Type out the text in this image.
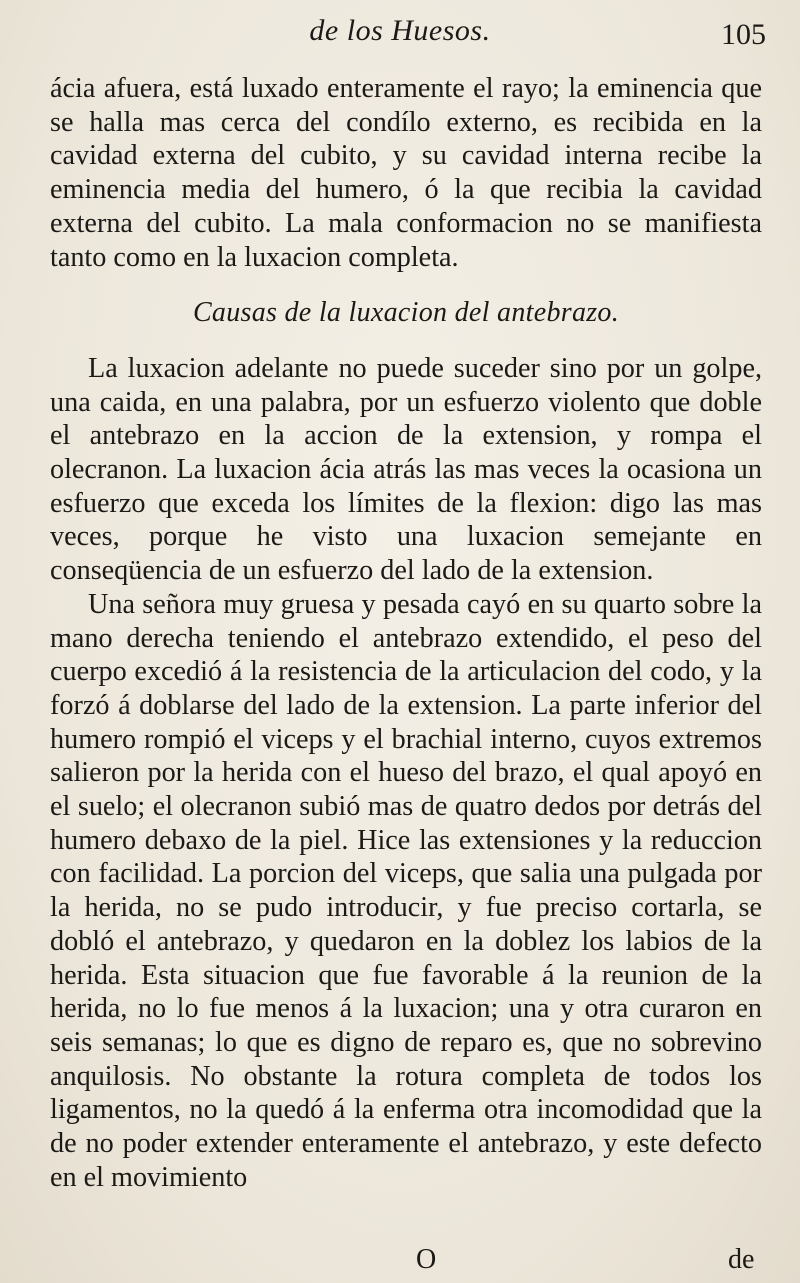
de los Huesos.	105

ácia afuera, está luxado enteramente el rayo; la eminencia que se halla mas cerca del condílo externo, es recibida en la cavidad externa del cubito, y su cavidad interna recibe la eminencia media del humero, ó la que recibia la cavidad externa del cubito. La mala conformacion no se manifiesta tanto como en la luxacion completa.

Causas de la luxacion del antebrazo.

La luxacion adelante no puede suceder sino por un golpe, una caida, en una palabra, por un esfuerzo violento que doble el antebrazo en la accion de la extension, y rompa el olecranon. La luxacion ácia atrás las mas veces la ocasiona un esfuerzo que exceda los límites de la flexion: digo las mas veces, porque he visto una luxacion semejante en conseqüencia de un esfuerzo del lado de la extension.

Una señora muy gruesa y pesada cayó en su quarto sobre la mano derecha teniendo el antebrazo extendido, el peso del cuerpo excedió á la resistencia de la articulacion del codo, y la forzó á doblarse del lado de la extension. La parte inferior del humero rompió el viceps y el brachial interno, cuyos extremos salieron por la herida con el hueso del brazo, el qual apoyó en el suelo; el olecranon subió mas de quatro dedos por detrás del humero debaxo de la piel. Hice las extensiones y la reduccion con facilidad. La porcion del viceps, que salia una pulgada por la herida, no se pudo introducir, y fue preciso cortarla, se dobló el antebrazo, y quedaron en la doblez los labios de la herida. Esta situacion que fue favorable á la reunion de la herida, no lo fue menos á la luxacion; una y otra curaron en seis semanas; lo que es digno de reparo es, que no sobrevino anquilosis. No obstante la rotura completa de todos los ligamentos, no la quedó á la enferma otra incomodidad que la de no poder extender enteramente el antebrazo, y este defecto en el movimiento

O	de
